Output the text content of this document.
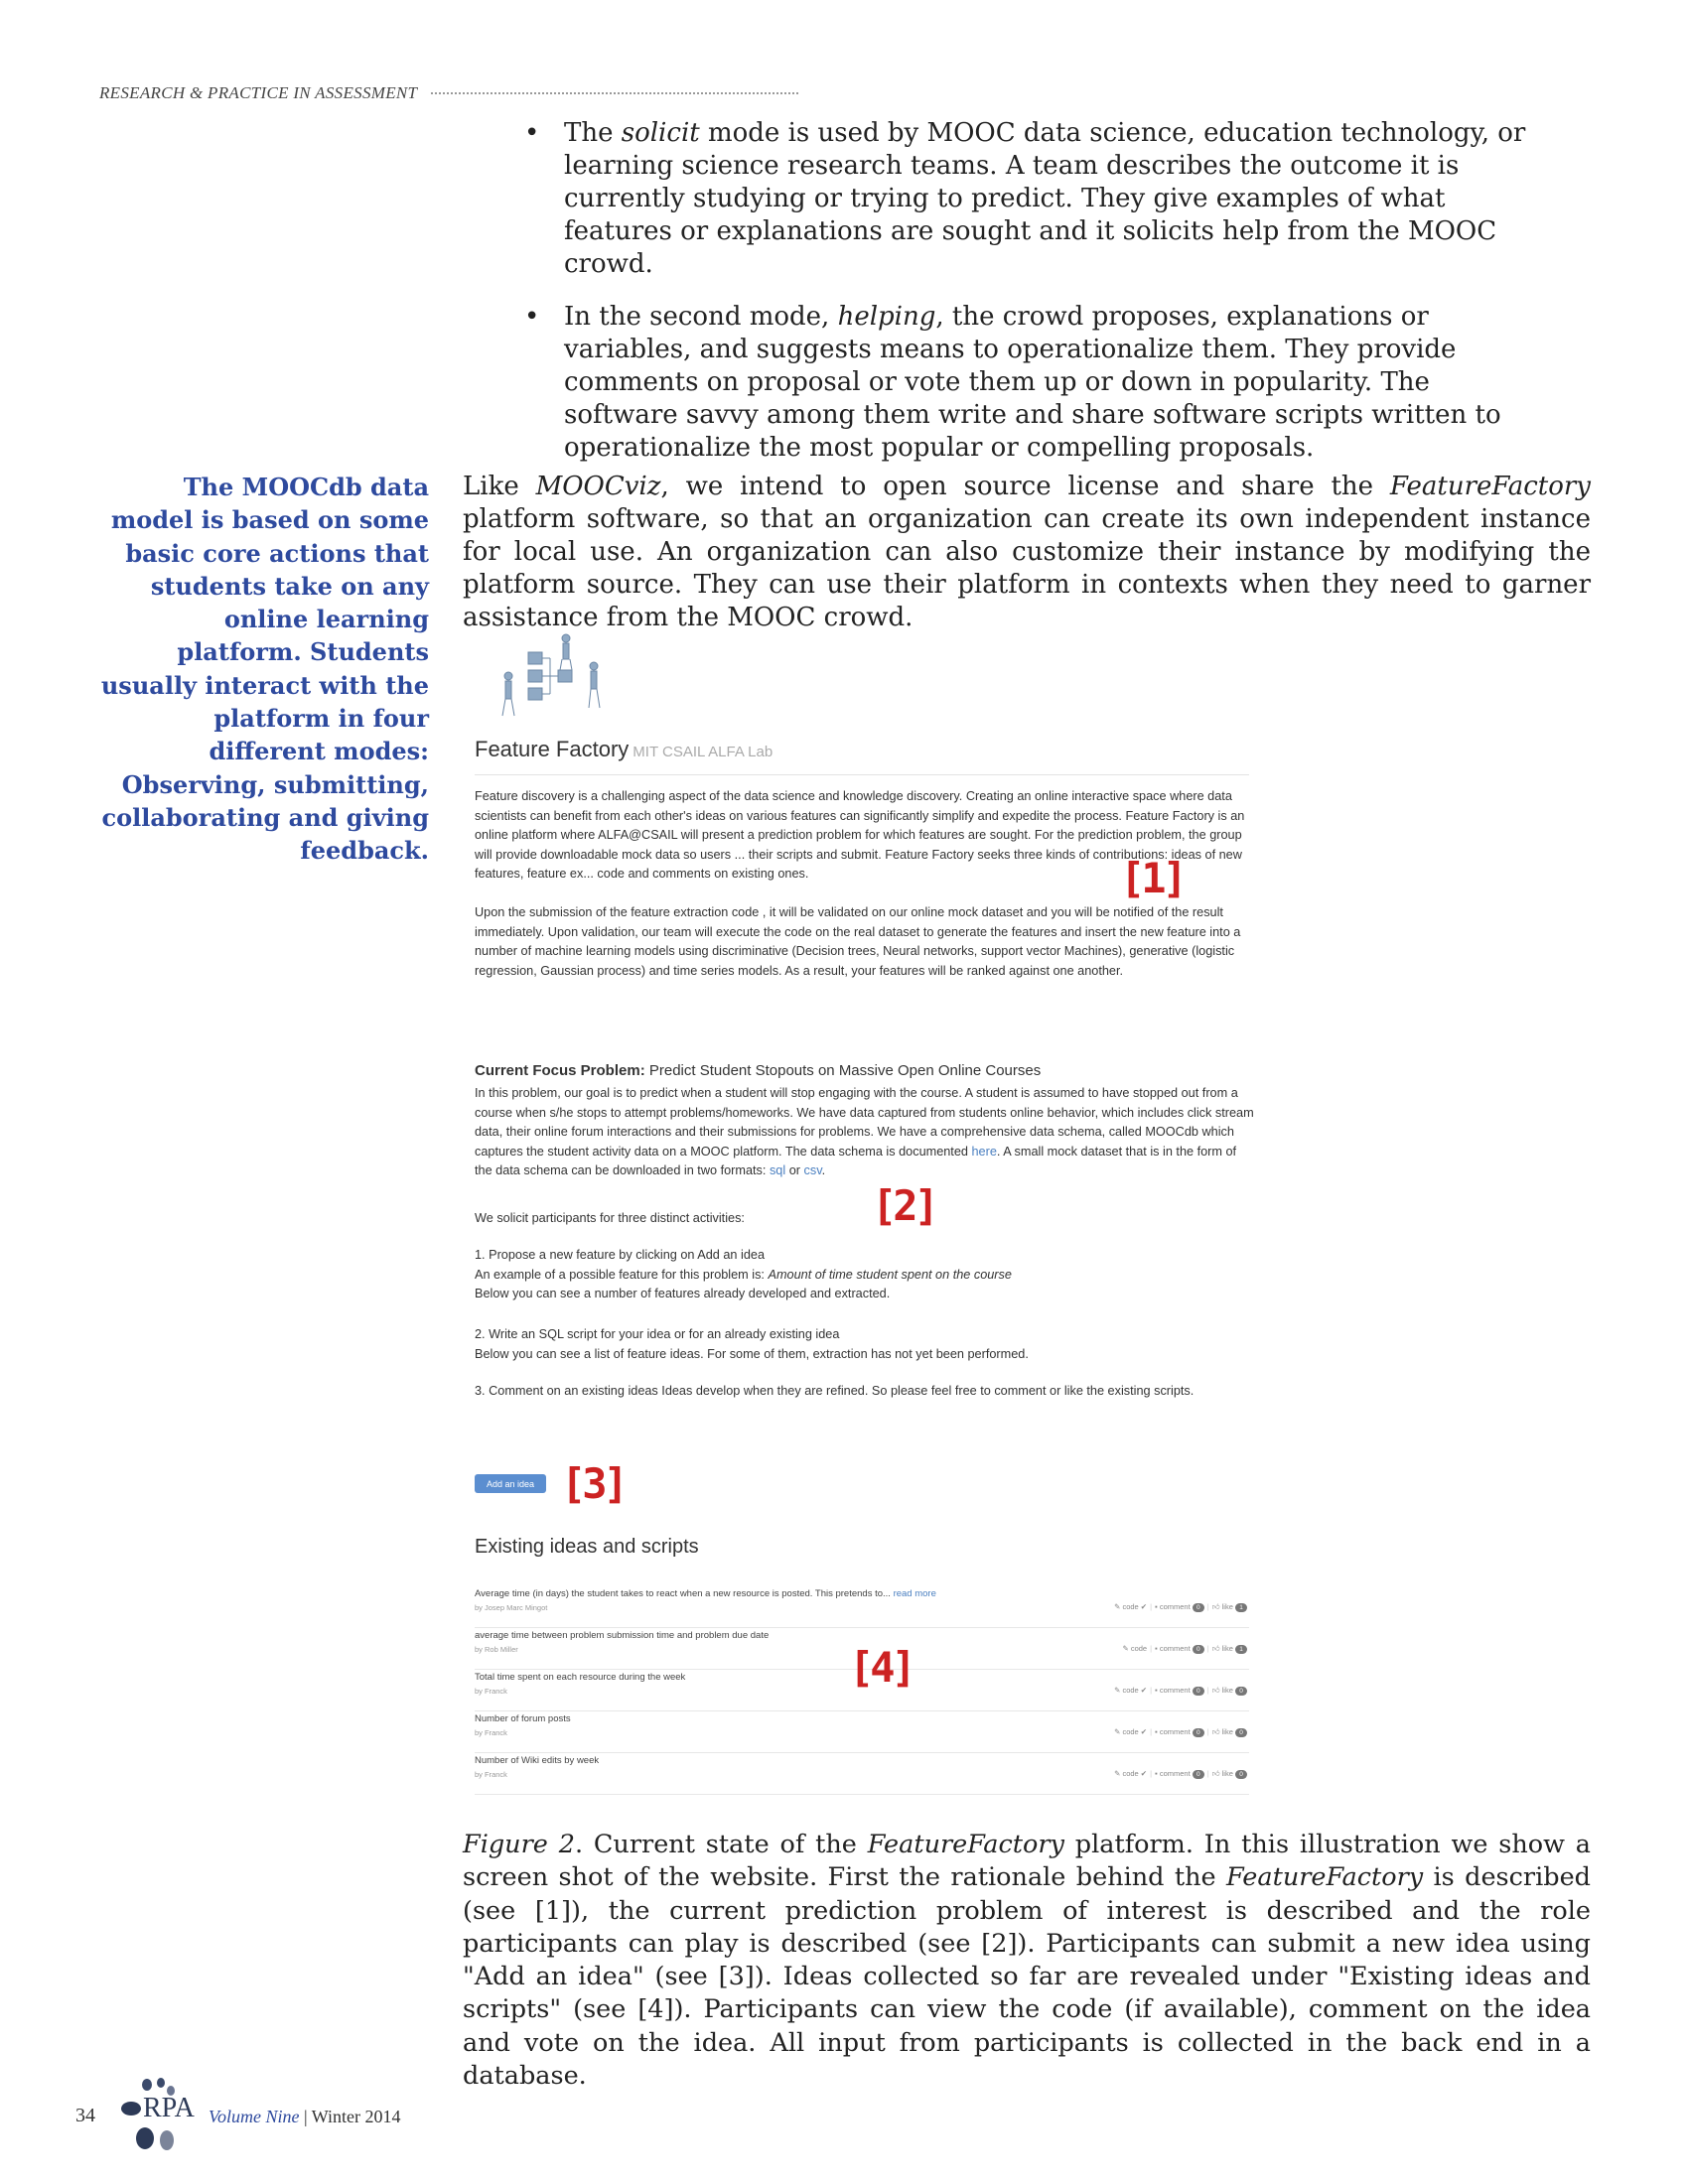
RESEARCH & PRACTICE IN ASSESSMENT
• The solicit mode is used by MOOC data science, education technology, or learning science research teams. A team describes the outcome it is currently studying or trying to predict. They give examples of what features or explanations are sought and it solicits help from the MOOC crowd.
• In the second mode, helping, the crowd proposes, explanations or variables, and suggests means to operationalize them. They provide comments on proposal or vote them up or down in popularity. The software savvy among them write and share software scripts written to operationalize the most popular or compelling proposals.
The MOOCdb data model is based on some basic core actions that students take on any online learning platform. Students usually interact with the platform in four different modes: Observing, submitting, collaborating and giving feedback.
Like MOOCviz, we intend to open source license and share the FeatureFactory platform software, so that an organization can create its own independent instance for local use. An organization can also customize their instance by modifying the platform source. They can use their platform in contexts when they need to garner assistance from the MOOC crowd.
Feature Factory MIT CSAIL ALFA Lab
Feature discovery is a challenging aspect of the data science and knowledge discovery. Creating an online interactive space where data scientists can benefit from each other's ideas on various features can significantly simplify and expedite the process. Feature Factory is an online platform where ALFA@CSAIL will present a prediction problem for which features are sought. For the prediction problem, the group will provide downloadable mock data so users ... their scripts and submit. Feature Factory seeks three kinds of contributions: ideas of new features, feature ex... code and comments on existing ones.
Upon the submission of the feature extraction code , it will be validated on our online mock dataset and you will be notified of the result immediately. Upon validation, our team will execute the code on the real dataset to generate the features and insert the new feature into a number of machine learning models using discriminative (Decision trees, Neural networks, support vector Machines), generative (logistic regression, Gaussian process) and time series models. As a result, your features will be ranked against one another.
Current Focus Problem: Predict Student Stopouts on Massive Open Online Courses
In this problem, our goal is to predict when a student will stop engaging with the course. A student is assumed to have stopped out from a course when s/he stops to attempt problems/homeworks. We have data captured from students online behavior, which includes click stream data, their online forum interactions and their submissions for problems. We have a comprehensive data schema, called MOOCdb which captures the student activity data on a MOOC platform. The data schema is documented here. A small mock dataset that is in the form of the data schema can be downloaded in two formats: sql or csv.
We solicit participants for three distinct activities:
1. Propose a new feature by clicking on Add an idea
An example of a possible feature for this problem is: Amount of time student spent on the course
Below you can see a number of features already developed and extracted.
2. Write an SQL script for your idea or for an already existing idea
Below you can see a list of feature ideas. For some of them, extraction has not yet been performed.
3. Comment on an existing ideas Ideas develop when they are refined. So please feel free to comment or like the existing scripts.
Add an idea
Existing ideas and scripts
Average time (in days) the student takes to react when a new resource is posted. This pretends to... read more
by Josep Marc Mingot	✎ code ✔ | ▪ comment 0 | 👍︎ like 1
average time between problem submission time and problem due date
by Rob Miller	✎ code | ▪ comment 0 | 👍︎ like 1
Total time spent on each resource during the week
by Franck	✎ code ✔ | ▪ comment 0 | 👍︎ like 0
Number of forum posts
by Franck	✎ code ✔ | ▪ comment 0 | 👍︎ like 0
Number of Wiki edits by week
by Franck	✎ code ✔ | ▪ comment 0 | 👍︎ like 0
[1]
[2]
[3]
[4]
Figure 2. Current state of the FeatureFactory platform. In this illustration we show a screen shot of the website. First the rationale behind the FeatureFactory is described (see [1]), the current prediction problem of interest is described and the role participants can play is described (see [2]). Participants can submit a new idea using "Add an idea" (see [3]). Ideas collected so far are revealed under "Existing ideas and scripts" (see [4]). Participants can view the code (if available), comment on the idea and vote on the idea. All input from participants is collected in the back end in a database.
34 RPA Volume Nine | Winter 2014
